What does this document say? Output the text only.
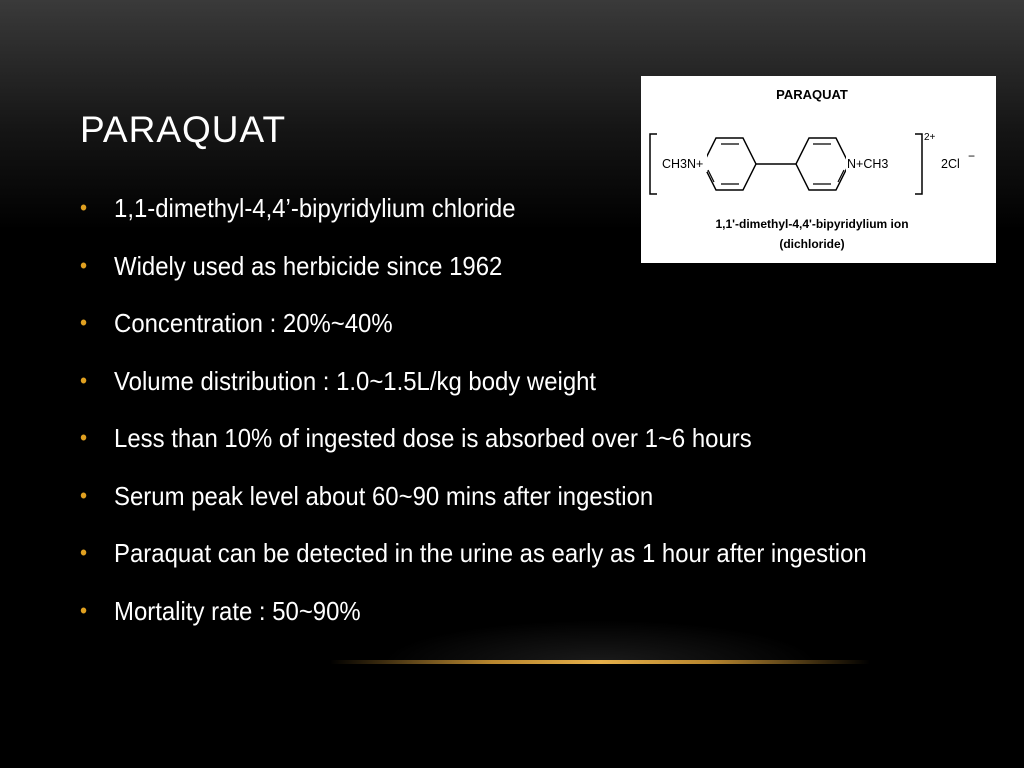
PARAQUAT
• 1,1-dimethyl-4,4’-bipyridylium chloride
• Widely used as herbicide since 1962
• Concentration : 20%~40%
• Volume distribution : 1.0~1.5L/kg body weight
• Less than 10% of ingested dose is absorbed over 1~6 hours
• Serum peak level about 60~90 mins after ingestion
• Paraquat can be detected in the urine as early as 1 hour after ingestion
• Mortality rate : 50~90%
PARAQUAT
CH3N+	N+CH3
2+
2Cl
−
1,1'-dimethyl-4,4'-bipyridylium ion
(dichloride)
